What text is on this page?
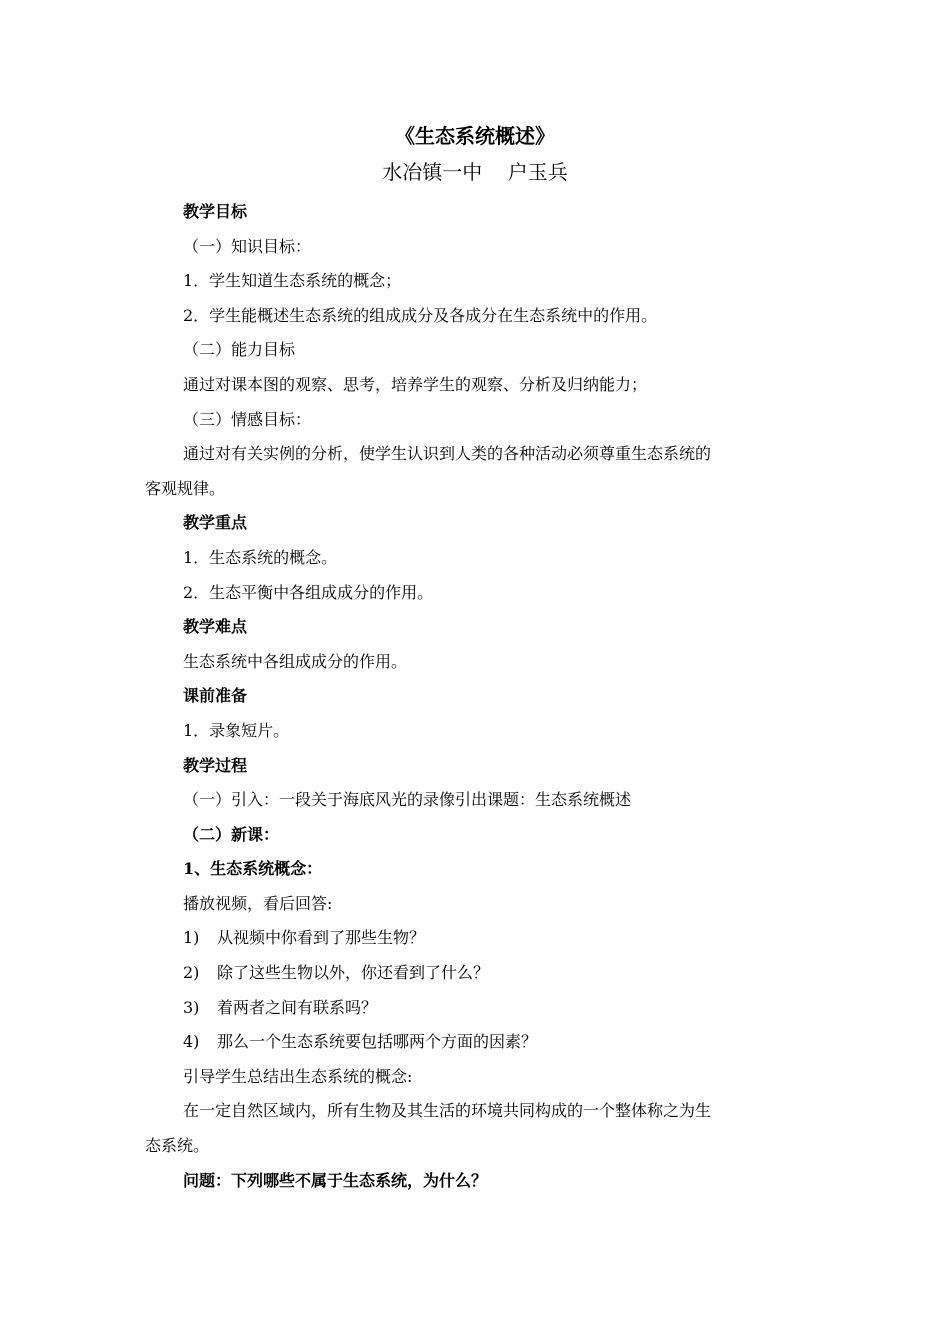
《生态系统概述》
水冶镇一中    户玉兵
教学目标
（一）知识目标：
1．学生知道生态系统的概念；
2．学生能概述生态系统的组成成分及各成分在生态系统中的作用。
（二）能力目标
通过对课本图的观察、思考，培养学生的观察、分析及归纳能力；
（三）情感目标：
通过对有关实例的分析，使学生认识到人类的各种活动必须尊重生态系统的
客观规律。
教学重点
1．生态系统的概念。
2．生态平衡中各组成成分的作用。
教学难点
生态系统中各组成成分的作用。
课前准备
1．录象短片。
教学过程
（一）引入：一段关于海底风光的录像引出课题：生态系统概述
（二）新课：
1、生态系统概念：
播放视频，看后回答:
1) 从视频中你看到了那些生物？
2) 除了这些生物以外，你还看到了什么？
3) 着两者之间有联系吗？
4) 那么一个生态系统要包括哪两个方面的因素？
引导学生总结出生态系统的概念:
在一定自然区域内，所有生物及其生活的环境共同构成的一个整体称之为生
态系统。
问题：下列哪些不属于生态系统，为什么？
